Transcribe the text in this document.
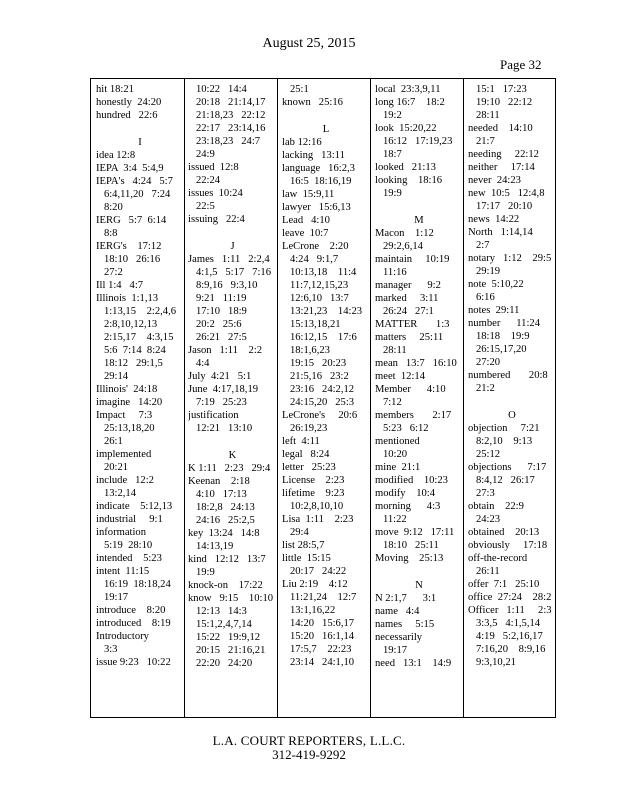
August 25, 2015
Page 32
hit 18:21
honestly  24:20
hundred   22:6
I
idea 12:8
IEPA  3:4  5:4,9
IEPA's   4:24   5:7
6:4,11,20   7:24
8:20
IERG   5:7  6:14
8:8
IERG's    17:12
18:10   26:16
27:2
Ill 1:4   4:7
Illinois  1:1,13
1:13,15    2:2,4,6
2:8,10,12,13
2:15,17    4:3,15
5:6  7:14  8:24
18:12   29:1,5
29:14
Illinois'  24:18
imagine   14:20
Impact     7:3
25:13,18,20
26:1
implemented
20:21
include   12:2
13:2,14
indicate    5:12,13
industrial     9:1
information
5:19  28:10
intended    5:23
intent  11:15
16:19  18:18,24
19:17
introduce    8:20
introduced    8:19
Introductory
3:3
issue 9:23   10:22
10:22   14:4
20:18   21:14,17
21:18,23   22:12
22:17   23:14,16
23:18,23   24:7
24:9
issued  12:8
22:24
issues  10:24
22:5
issuing   22:4
J
James   1:11   2:2,4
4:1,5   5:17   7:16
8:9,16   9:3,10
9:21   11:19
17:10   18:9
20:2   25:6
26:21   27:5
Jason   1:11    2:2
4:4
July  4:21   5:1
June  4:17,18,19
7:19   25:23
justification
12:21   13:10
K
K 1:11   2:23   29:4
Keenan    2:18
4:10   17:13
18:2,8   24:13
24:16   25:2,5
key  13:24   14:8
14:13,19
kind   12:12   13:7
19:9
knock-on    17:22
know   9:15    10:10
12:13   14:3
15:1,2,4,7,14
15:22   19:9,12
20:15   21:16,21
22:20   24:20
25:1
known   25:16
L
lab 12:16
lacking   13:11
language   16:2,3
16:5  18:16,19
law  15:9,11
lawyer   15:6,13
Lead   4:10
leave  10:7
LeCrone    2:20
4:24   9:1,7
10:13,18    11:4
11:7,12,15,23
12:6,10   13:7
13:21,23    14:23
15:13,18,21
16:12,15    17:6
18:1,6,23
19:15   20:23
21:5,16   23:2
23:16   24:2,12
24:15,20   25:3
LeCrone's     20:6
26:19,23
left  4:11
legal   8:24
letter   25:23
License    2:23
lifetime    9:23
10:2,8,10,10
Lisa  1:11    2:23
29:4
list 28:5,7
little  15:15
20:17   24:22
Liu 2:19    4:12
11:21,24    12:7
13:1,16,22
14:20   15:6,17
15:20   16:1,14
17:5,7    22:23
23:14   24:1,10
local  23:3,9,11
long 16:7    18:2
19:2
look  15:20,22
16:12   17:19,23
18:7
looked   21:13
looking    18:16
19:9
M
Macon    1:12
29:2,6,14
maintain     10:19
11:16
manager      9:2
marked     3:11
26:24   27:1
MATTER       1:3
matters     25:11
28:11
mean   13:7   16:10
meet  12:14
Member      4:10
7:12
members       2:17
5:23   6:12
mentioned
10:20
mine  21:1
modified    10:23
modify    10:4
morning      4:3
11:22
move  9:12   17:11
18:10   25:11
Moving    25:13
N
N 2:1,7      3:1
name   4:4
names     5:15
necessarily
19:17
need   13:1    14:9
15:1   17:23
19:10   22:12
28:11
needed    14:10
21:7
needing     22:12
neither     17:14
never  24:23
new  10:5   12:4,8
17:17   20:10
news  14:22
North   1:14,14
2:7
notary   1:12    29:5
29:19
note  5:10,22
6:16
notes  29:11
number      11:24
18:18    19:9
26:15,17,20
27:20
numbered       20:8
21:2
O
objection     7:21
8:2,10    9:13
25:12
objections      7:17
8:4,12   26:17
27:3
obtain    22:9
24:23
obtained    20:13
obviously     17:18
off-the-record
26:11
offer  7:1   25:10
office  27:24    28:2
Officer   1:11     2:3
3:3,5   4:1,5,14
4:19   5:2,16,17
7:16,20    8:9,16
9:3,10,21
L.A. COURT REPORTERS, L.L.C.
312-419-9292
